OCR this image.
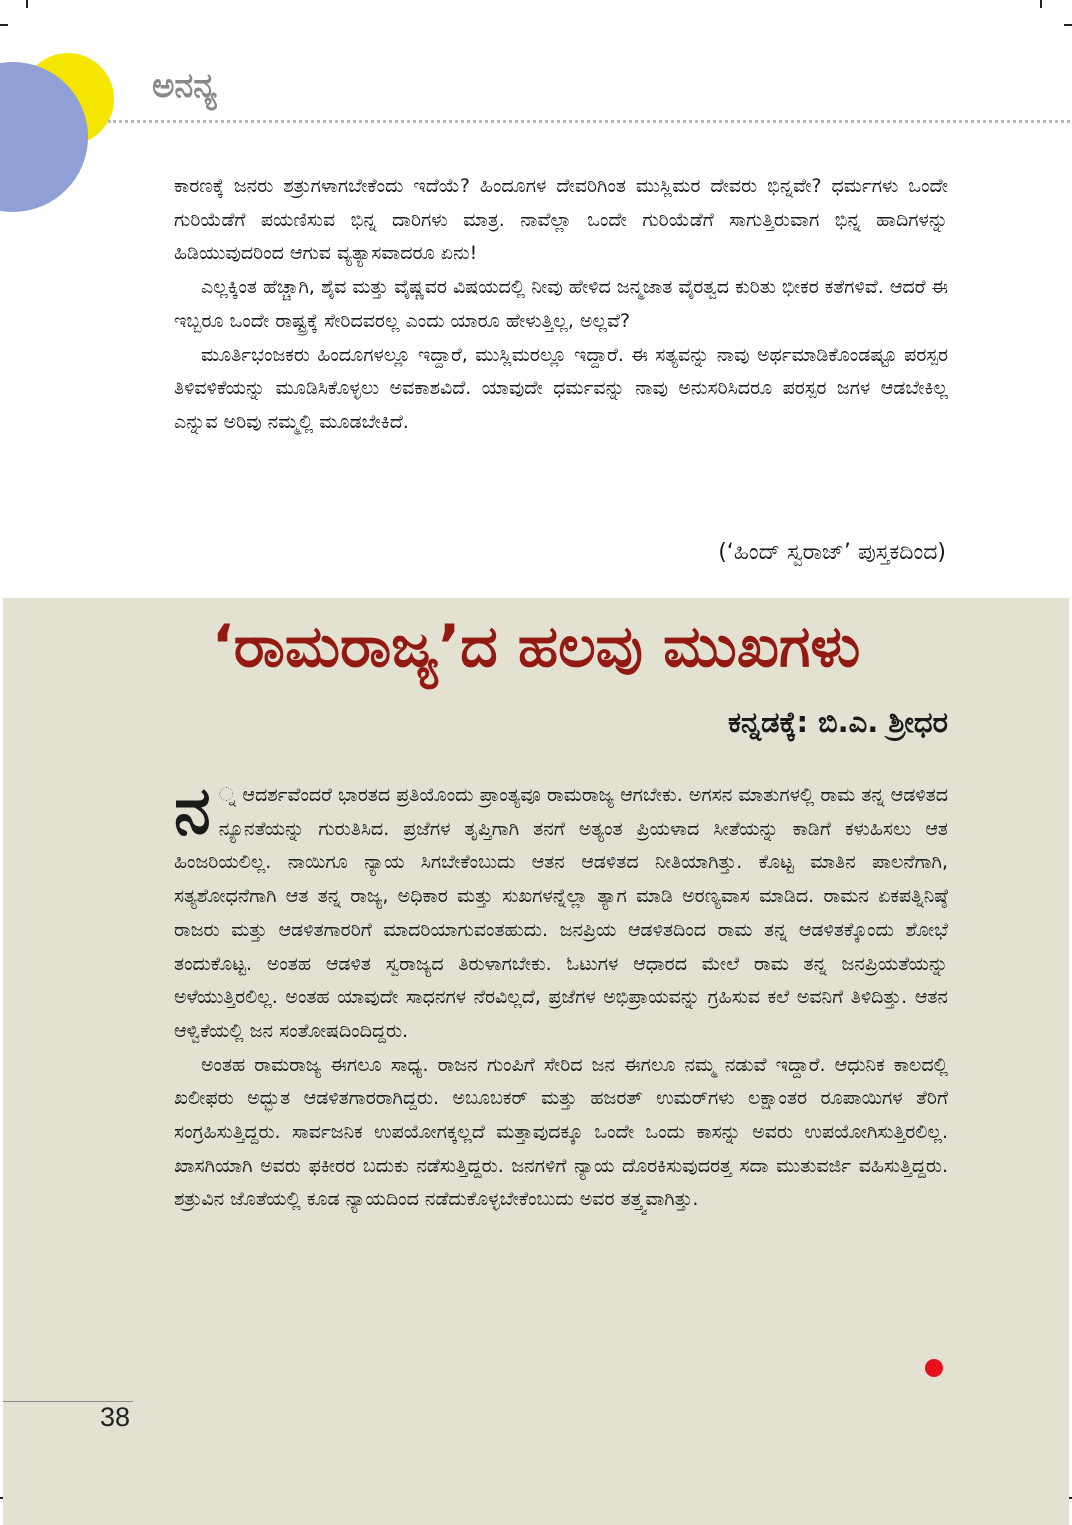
ಅನನ್ಯ

ಕಾರಣಕ್ಕೆ ಜನರು ಶತ್ರುಗಳಾಗಬೇಕೆಂದು ಇದೆಯೆ? ಹಿಂದೂಗಳ ದೇವರಿಗಿಂತ ಮುಸ್ಲಿಮರ ದೇವರು ಭಿನ್ನವೇ? ಧರ್ಮಗಳು ಒಂದೇ ಗುರಿಯೆಡೆಗೆ ಪಯಣಿಸುವ ಭಿನ್ನ ದಾರಿಗಳು ಮಾತ್ರ. ನಾವೆಲ್ಲಾ ಒಂದೇ ಗುರಿಯೆಡೆಗೆ ಸಾಗುತ್ತಿರುವಾಗ ಭಿನ್ನ ಹಾದಿಗಳನ್ನು ಹಿಡಿಯುವುದರಿಂದ ಆಗುವ ವ್ಯತ್ಯಾಸವಾದರೂ ಏನು!

ಎಲ್ಲಕ್ಕಿಂತ ಹೆಚ್ಚಾಗಿ, ಶೈವ ಮತ್ತು ವೈಷ್ಣವರ ವಿಷಯದಲ್ಲಿ ನೀವು ಹೇಳಿದ ಜನ್ಮಜಾತ ವೈರತ್ವದ ಕುರಿತು ಭೀಕರ ಕತೆಗಳಿವೆ. ಆದರೆ ಈ ಇಬ್ಬರೂ ಒಂದೇ ರಾಷ್ಟ್ರಕ್ಕೆ ಸೇರಿದವರಲ್ಲ ಎಂದು ಯಾರೂ ಹೇಳುತ್ತಿಲ್ಲ, ಅಲ್ಲವೆ?

ಮೂರ್ತಿಭಂಜಕರು ಹಿಂದೂಗಳಲ್ಲೂ ಇದ್ದಾರೆ, ಮುಸ್ಲಿಮರಲ್ಲೂ ಇದ್ದಾರೆ. ಈ ಸತ್ಯವನ್ನು ನಾವು ಅರ್ಥಮಾಡಿಕೊಂಡಷ್ಟೂ ಪರಸ್ಪರ ತಿಳಿವಳಿಕೆಯನ್ನು ಮೂಡಿಸಿಕೊಳ್ಳಲು ಅವಕಾಶವಿದೆ. ಯಾವುದೇ ಧರ್ಮವನ್ನು ನಾವು ಅನುಸರಿಸಿದರೂ ಪರಸ್ಪರ ಜಗಳ ಆಡಬೇಕಿಲ್ಲ ಎನ್ನುವ ಅರಿವು ನಮ್ಮಲ್ಲಿ ಮೂಡಬೇಕಿದೆ.

(‘ಹಿಂದ್ ಸ್ವರಾಜ್’ ಪುಸ್ತಕದಿಂದ)
‘ರಾಮರಾಜ್ಯ’ದ ಹಲವು ಮುಖಗಳು
ಕನ್ನಡಕ್ಕೆ: ಬಿ.ಎ. ಶ್ರೀಧರ

ನ ್ನ ಆದರ್ಶವೆಂದರೆ ಭಾರತದ ಪ್ರತಿಯೊಂದು ಪ್ರಾಂತ್ಯವೂ ರಾಮರಾಜ್ಯ ಆಗಬೇಕು. ಅಗಸನ ಮಾತುಗಳಲ್ಲಿ ರಾಮ ತನ್ನ ಆಡಳಿತದ ನ್ಯೂನತೆಯನ್ನು ಗುರುತಿಸಿದ. ಪ್ರಜೆಗಳ ತೃಪ್ತಿಗಾಗಿ ತನಗೆ ಅತ್ಯಂತ ಪ್ರಿಯಳಾದ ಸೀತೆಯನ್ನು ಕಾಡಿಗೆ ಕಳುಹಿಸಲು ಆತ ಹಿಂಜರಿಯಲಿಲ್ಲ. ನಾಯಿಗೂ ನ್ಯಾಯ ಸಿಗಬೇಕೆಂಬುದು ಆತನ ಆಡಳಿತದ ನೀತಿಯಾಗಿತ್ತು. ಕೊಟ್ಟ ಮಾತಿನ ಪಾಲನೆಗಾಗಿ, ಸತ್ಯಶೋಧನೆಗಾಗಿ ಆತ ತನ್ನ ರಾಜ್ಯ, ಅಧಿಕಾರ ಮತ್ತು ಸುಖಗಳನ್ನೆಲ್ಲಾ ತ್ಯಾಗ ಮಾಡಿ ಅರಣ್ಯವಾಸ ಮಾಡಿದ. ರಾಮನ ಏಕಪತ್ನಿನಿಷ್ಠೆ ರಾಜರು ಮತ್ತು ಆಡಳಿತಗಾರರಿಗೆ ಮಾದರಿಯಾಗುವಂತಹುದು. ಜನಪ್ರಿಯ ಆಡಳಿತದಿಂದ ರಾಮ ತನ್ನ ಆಡಳಿತಕ್ಕೊಂದು ಶೋಭೆ ತಂದುಕೊಟ್ಟ. ಅಂತಹ ಆಡಳಿತ ಸ್ವರಾಜ್ಯದ ತಿರುಳಾಗಬೇಕು. ಓಟುಗಳ ಆಧಾರದ ಮೇಲೆ ರಾಮ ತನ್ನ ಜನಪ್ರಿಯತೆಯನ್ನು ಅಳೆಯುತ್ತಿರಲಿಲ್ಲ. ಅಂತಹ ಯಾವುದೇ ಸಾಧನಗಳ ನೆರವಿಲ್ಲದೆ, ಪ್ರಜೆಗಳ ಅಭಿಪ್ರಾಯವನ್ನು ಗ್ರಹಿಸುವ ಕಲೆ ಅವನಿಗೆ ತಿಳಿದಿತ್ತು. ಆತನ ಆಳ್ವಿಕೆಯಲ್ಲಿ ಜನ ಸಂತೋಷದಿಂದಿದ್ದರು.

ಅಂತಹ ರಾಮರಾಜ್ಯ ಈಗಲೂ ಸಾಧ್ಯ. ರಾಜನ ಗುಂಪಿಗೆ ಸೇರಿದ ಜನ ಈಗಲೂ ನಮ್ಮ ನಡುವೆ ಇದ್ದಾರೆ. ಆಧುನಿಕ ಕಾಲದಲ್ಲಿ ಖಲೀಫರು ಅದ್ಭುತ ಆಡಳಿತಗಾರರಾಗಿದ್ದರು. ಅಬೂಬಕರ್ ಮತ್ತು ಹಜರತ್ ಉಮರ್‌ಗಳು ಲಕ್ಷಾಂತರ ರೂಪಾಯಿಗಳ ತೆರಿಗೆ ಸಂಗ್ರಹಿಸುತ್ತಿದ್ದರು. ಸಾರ್ವಜನಿಕ ಉಪಯೋಗಕ್ಕಲ್ಲದೆ ಮತ್ತಾವುದಕ್ಕೂ ಒಂದೇ ಒಂದು ಕಾಸನ್ನು ಅವರು ಉಪಯೋಗಿಸುತ್ತಿರಲಿಲ್ಲ. ಖಾಸಗಿಯಾಗಿ ಅವರು ಫಕೀರರ ಬದುಕು ನಡೆಸುತ್ತಿದ್ದರು. ಜನಗಳಿಗೆ ನ್ಯಾಯ ದೊರಕಿಸುವುದರತ್ತ ಸದಾ ಮುತುವರ್ಜಿ ವಹಿಸುತ್ತಿದ್ದರು. ಶತ್ರುವಿನ ಜೊತೆಯಲ್ಲಿ ಕೂಡ ನ್ಯಾಯದಿಂದ ನಡೆದುಕೊಳ್ಳಬೇಕೆಂಬುದು ಅವರ ತತ್ತ್ವವಾಗಿತ್ತು.

38
